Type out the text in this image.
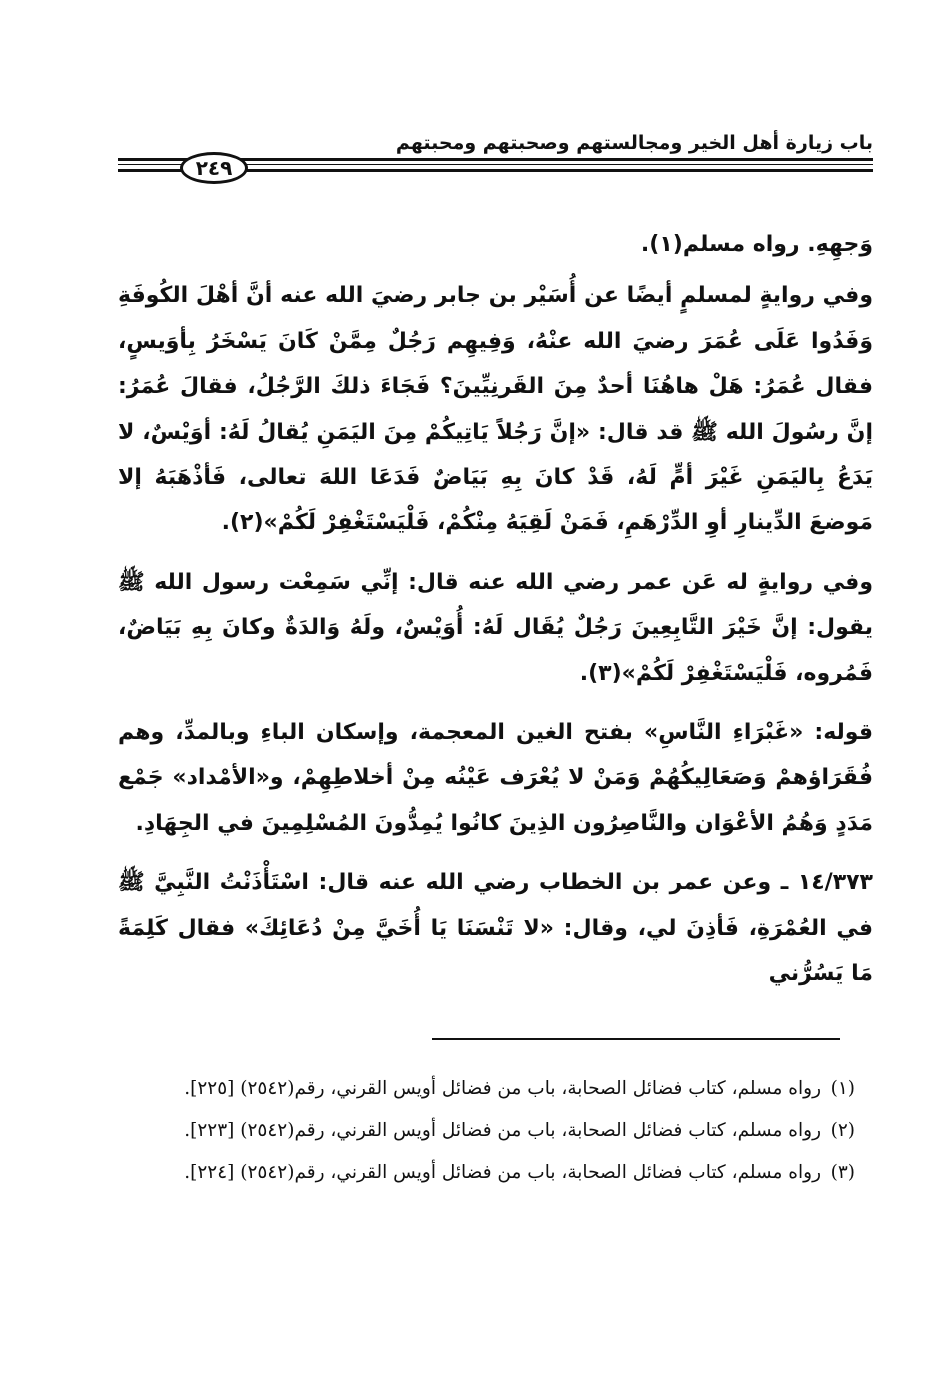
باب زيارة أهل الخير ومجالستهم وصحبتهم ومحبتهم
٢٤٩

وَجهِهِ. رواه مسلم(١).

وفي روايةٍ لمسلمٍ أيضًا عن أُسَيْر بن جابر رضيَ الله عنه أنَّ أهْلَ الكُوفَةِ وَفَدُوا عَلَى عُمَرَ رضيَ الله عنْهُ، وَفِيهِم رَجُلٌ مِمَّنْ كَانَ يَسْخَرُ بِأوَيسٍ، فقال عُمَرُ: هَلْ هاهُنَا أحدٌ مِنَ القَرنِيِّينَ؟ فَجَاءَ ذلكَ الرَّجُلُ، فقالَ عُمَرُ: إنَّ رسُولَ الله ﷺ قد قال: «إنَّ رَجُلاً يَاتِيكُمْ مِنَ اليَمَنِ يُقالُ لَهُ: أوَيْسٌ، لا يَدَعُ بِاليَمَنِ غَيْرَ أمٍّ لَهُ، قَدْ كانَ بِهِ بَيَاضٌ فَدَعَا اللهَ تعالى، فَأذْهَبَهُ إلا مَوضعَ الدِّينارِ أوِ الدِّرْهَمِ، فَمَنْ لَقِيَهُ مِنْكُمْ، فَلْيَسْتَغْفِرْ لَكُمْ»(٢).

وفي روايةٍ له عَن عمر رضي الله عنه قال: إنِّي سَمِعْت رسول الله ﷺ يقول: إنَّ خَيْرَ التَّابِعِينَ رَجُلٌ يُقَال لَهُ: أُوَيْسٌ، ولَهُ وَالدَةٌ وكانَ بِهِ بَيَاضٌ، فَمُروه، فَلْيَسْتَغْفِرْ لَكُمْ»(٣).

قوله: «غَبْرَاءِ النَّاسِ» بفتح الغين المعجمة، وإسكان الباءِ وبالمدِّ، وهم فُقَرَاؤهمْ وَصَعَالِيكُهُمْ وَمَنْ لا يُعْرَف عَيْنُه مِنْ أخلاطِهِمْ، و«الأمْداد» جَمْع مَدَدٍ وَهُمُ الأعْوَان والنَّاصِرُون الذِينَ كانُوا يُمِدُّونَ المُسْلِمِينَ في الجِهَادِ.

١٤/٣٧٣ ـ وعن عمر بن الخطاب رضي الله عنه قال: اسْتَأْذَنْتُ النَّبِيَّ ﷺ في العُمْرَةِ، فَأذِنَ لي، وقال: «لا تَنْسَنَا يَا أُخَيَّ مِنْ دُعَائِكَ» فقال كَلِمَةً مَا يَسُرُّني

(١)
رواه مسلم، كتاب فضائل الصحابة، باب من فضائل أويس القرني، رقم(٢٥٤٢) [٢٢٥].
(٢)
رواه مسلم، كتاب فضائل الصحابة، باب من فضائل أويس القرني، رقم(٢٥٤٢) [٢٢٣].
(٣)
رواه مسلم، كتاب فضائل الصحابة، باب من فضائل أويس القرني، رقم(٢٥٤٢) [٢٢٤].
